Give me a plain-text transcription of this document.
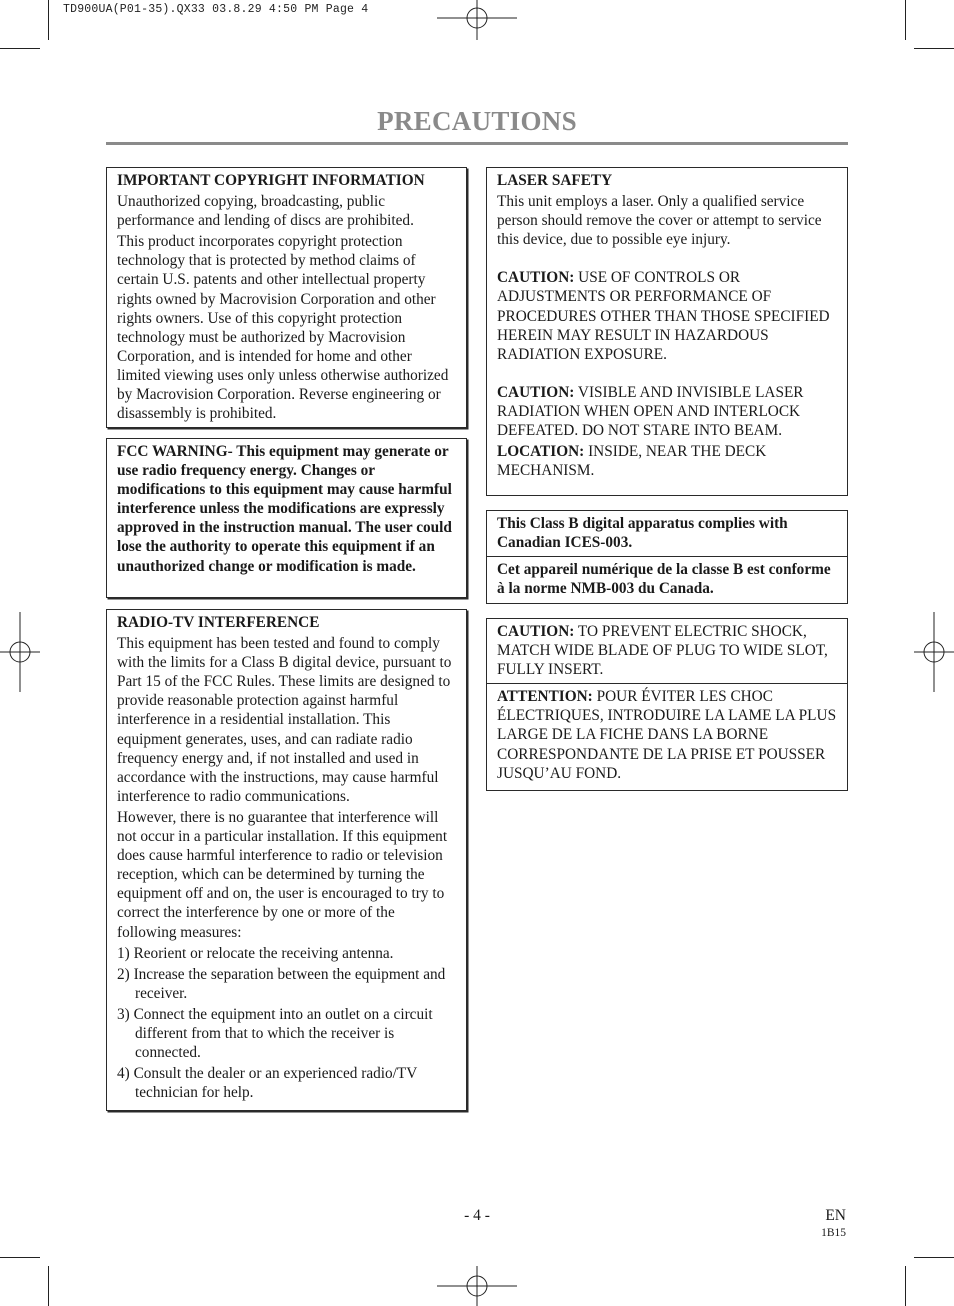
TD900UA(P01-35).QX33 03.8.29 4:50 PM Page 4
PRECAUTIONS

IMPORTANT COPYRIGHT INFORMATION

Unauthorized copying, broadcasting, public performance and lending of discs are prohibited.

This product incorporates copyright protection technology that is protected by method claims of certain U.S. patents and other intellectual property rights owned by Macrovision Corporation and other rights owners. Use of this copyright protection technology must be authorized by Macrovision Corporation, and is intended for home and other limited viewing uses only unless otherwise authorized by Macrovision Corporation. Reverse engineering or disassembly is prohibited.

FCC WARNING- This equipment may generate or use radio frequency energy. Changes or modifications to this equipment may cause harmful interference unless the modifications are expressly approved in the instruction manual. The user could lose the authority to operate this equipment if an unauthorized change or modification is made.

RADIO-TV INTERFERENCE

This equipment has been tested and found to comply with the limits for a Class B digital device, pursuant to Part 15 of the FCC Rules. These limits are designed to provide reasonable protection against harmful interference in a residential installation. This equipment generates, uses, and can radiate radio frequency energy and, if not installed and used in accordance with the instructions, may cause harmful interference to radio communications.

However, there is no guarantee that interference will not occur in a particular installation. If this equipment does cause harmful interference to radio or television reception, which can be determined by turning the equipment off and on, the user is encouraged to try to correct the interference by one or more of the following measures:

1) Reorient or relocate the receiving antenna.
2) Increase the separation between the equipment and receiver.
3) Connect the equipment into an outlet on a circuit different from that to which the receiver is connected.
4) Consult the dealer or an experienced radio/TV technician for help.

LASER SAFETY

This unit employs a laser. Only a qualified service person should remove the cover or attempt to service this device, due to possible eye injury.

CAUTION: USE OF CONTROLS OR ADJUSTMENTS OR PERFORMANCE OF PROCEDURES OTHER THAN THOSE SPECIFIED HEREIN MAY RESULT IN HAZARDOUS RADIATION EXPOSURE.

CAUTION: VISIBLE AND INVISIBLE LASER RADIATION WHEN OPEN AND INTERLOCK DEFEATED. DO NOT STARE INTO BEAM.

LOCATION: INSIDE, NEAR THE DECK MECHANISM.

This Class B digital apparatus complies with Canadian ICES-003.
Cet appareil numérique de la classe B est conforme à la norme NMB-003 du Canada.
CAUTION: TO PREVENT ELECTRIC SHOCK, MATCH WIDE BLADE OF PLUG TO WIDE SLOT, FULLY INSERT.
ATTENTION: POUR ÉVITER LES CHOC ÉLECTRIQUES, INTRODUIRE LA LAME LA PLUS LARGE DE LA FICHE DANS LA BORNE CORRESPONDANTE DE LA PRISE ET POUSSER JUSQU’AU FOND.
- 4 -	EN
1B15
